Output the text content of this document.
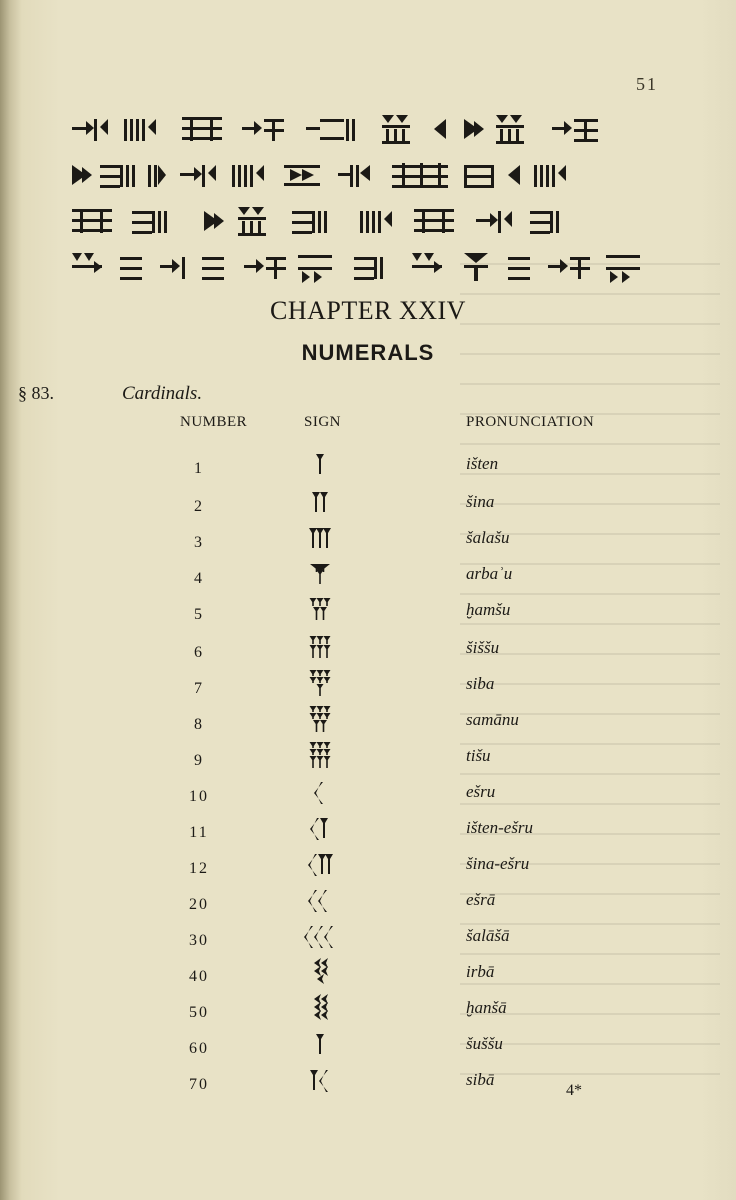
51
CHAPTER XXIV
NUMERALS
§ 83.	Cardinals.
NUMBER	SIGN	PRONUNCIATION
1	išten
2	šina
3	šalašu
4	arbaʾu
5	ḫamšu
6	šiššu
7	siba
8	samānu
9	tišu
10	ešru
11	išten-ešru
12	šina-ešru
20	ešrā
30	šalāšā
40	irbā
50	ḫanšā
60	šuššu
70	sibā
4*
